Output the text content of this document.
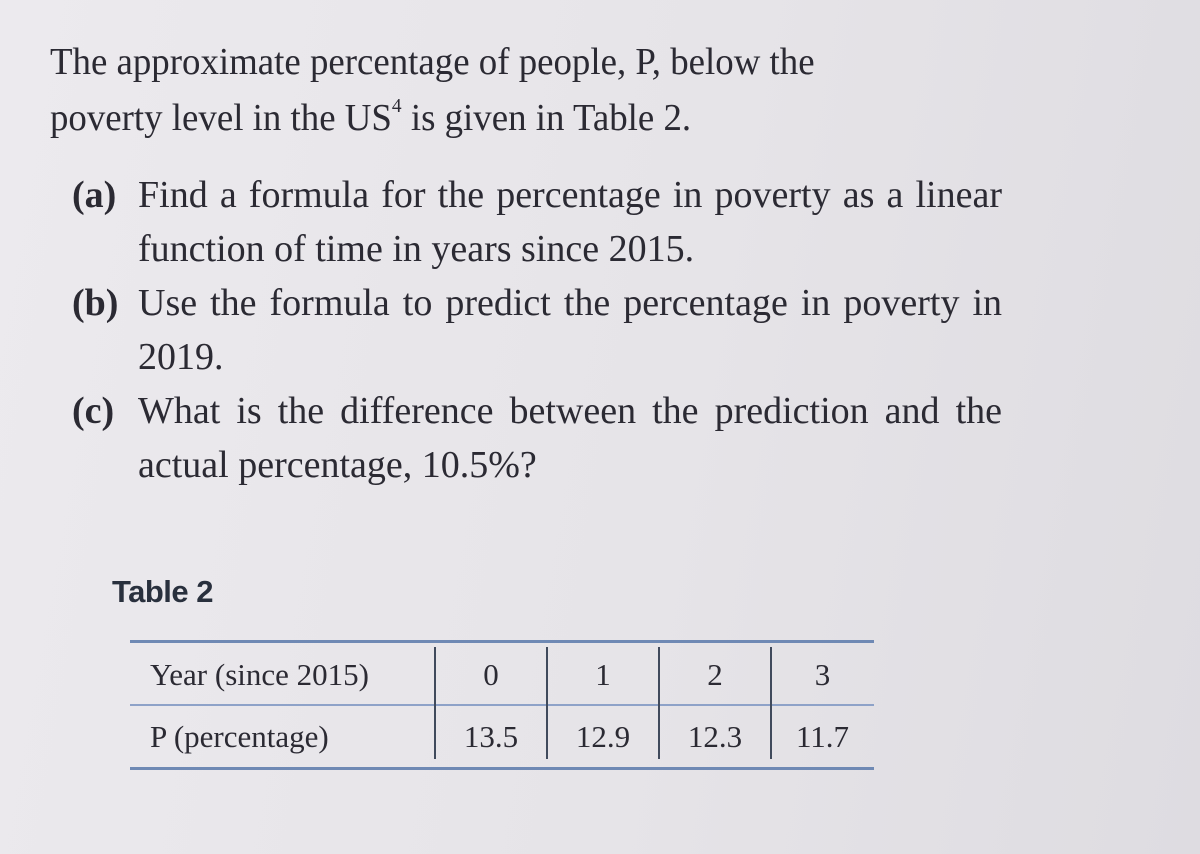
The approximate percentage of people, P, below the
poverty level in the $US^4$ is given in Table 2.
(a) Find a formula for the percentage in poverty as a linear function of time in years since 2015.
(b) Use the formula to predict the percentage in poverty in 2019.
(c) What is the difference between the prediction and the actual percentage, 10.5%?
Table 2
Year (since 2015)	0	1	2	3
P (percentage)	13.5	12.9	12.3	11.7
